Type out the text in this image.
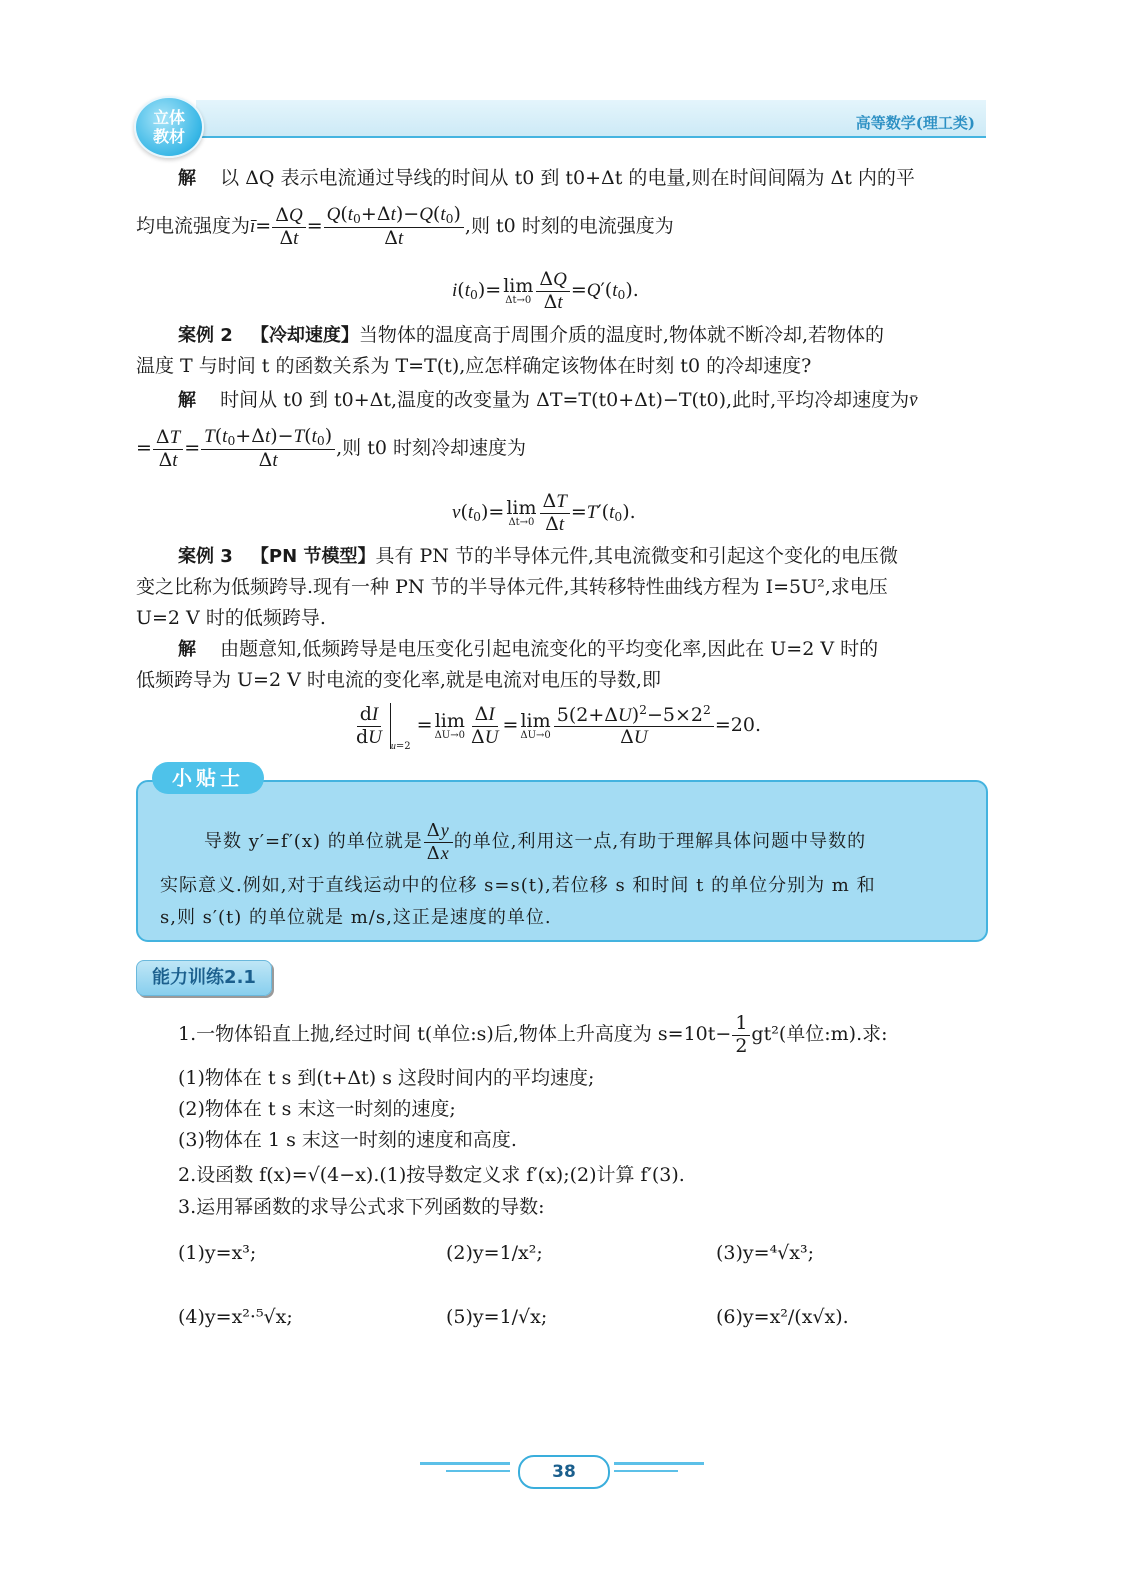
立体
教材
高等数学(理工类)
解 以 ΔQ 表示电流通过导线的时间从 t0 到 t0+Δt 的电量,则在时间间隔为 Δt 内的平
均电流强度为ī= $\frac{\Delta Q}{\Delta t} = \frac{Q(t_0+\Delta t)-Q(t_0)}{\Delta t}$ ,则 t0 时刻的电流强度为
$i(t_0)= \lim$
$\Delta t\to 0 \frac{\Delta Q}{\Delta t} =Q'(t_0)$.
案例 2 【冷却速度】当物体的温度高于周围介质的温度时,物体就不断冷却,若物体的
温度 T 与时间 t 的函数关系为 T=T(t),应怎样确定该物体在时刻 t0 的冷却速度?
解 时间从 t0 到 t0+Δt,温度的改变量为 ΔT=T(t0+Δt)−T(t0),此时,平均冷却速度为v̄
= $\frac{\Delta T}{\Delta t} = \frac{T(t_0+\Delta t)-T(t_0)}{\Delta t}$ ,则 t0 时刻冷却速度为
$v(t_0)= \lim$
$\Delta t\to 0 \frac{\Delta T}{\Delta t} =T'(t_0)$.
案例 3 【PN 节模型】具有 PN 节的半导体元件,其电流微变和引起这个变化的电压微
变之比称为低频跨导.现有一种 PN 节的半导体元件,其转移特性曲线方程为 I=5U²,求电压
U=2 V 时的低频跨导.
解 由题意知,低频跨导是电压变化引起电流变化的平均变化率,因此在 U=2 V 时的
低频跨导为 U=2 V 时电流的变化率,就是电流对电压的导数,即
$\frac{dI}{dU} _{u=2}= \lim$
$\Delta U\to 0 \frac{\Delta I}{\Delta U} = \lim$
$\Delta U\to 0 \frac{5(2+\Delta U)^2-5\times 2^2}{\Delta U} =20$.
小贴士
导数 y′=f′(x) 的单位就是 $\frac{\Delta y}{\Delta x}$ 的单位,利用这一点,有助于理解具体问题中导数的
实际意义.例如,对于直线运动中的位移 s=s(t),若位移 s 和时间 t 的单位分别为 m 和
s,则 s′(t) 的单位就是 m/s,这正是速度的单位.
能力训练2.1
1.一物体铅直上抛,经过时间 t(单位:s)后,物体上升高度为 $s=10t- \frac{1}{2} gt^2$(单位:m).求:
(1)物体在 t s 到(t+Δt) s 这段时间内的平均速度;
(2)物体在 t s 末这一时刻的速度;
(3)物体在 1 s 末这一时刻的速度和高度.
2.设函数 f(x)=√(4−x).(1)按导数定义求 f′(x);(2)计算 f′(3).
3.运用幂函数的求导公式求下列函数的导数:
(1)y=x³;	(2)y=1/x²;	(3)y=⁴√x³;
(4)y=x²·⁵√x;	(5)y=1/√x;	(6)y=x²/(x√x).
38
